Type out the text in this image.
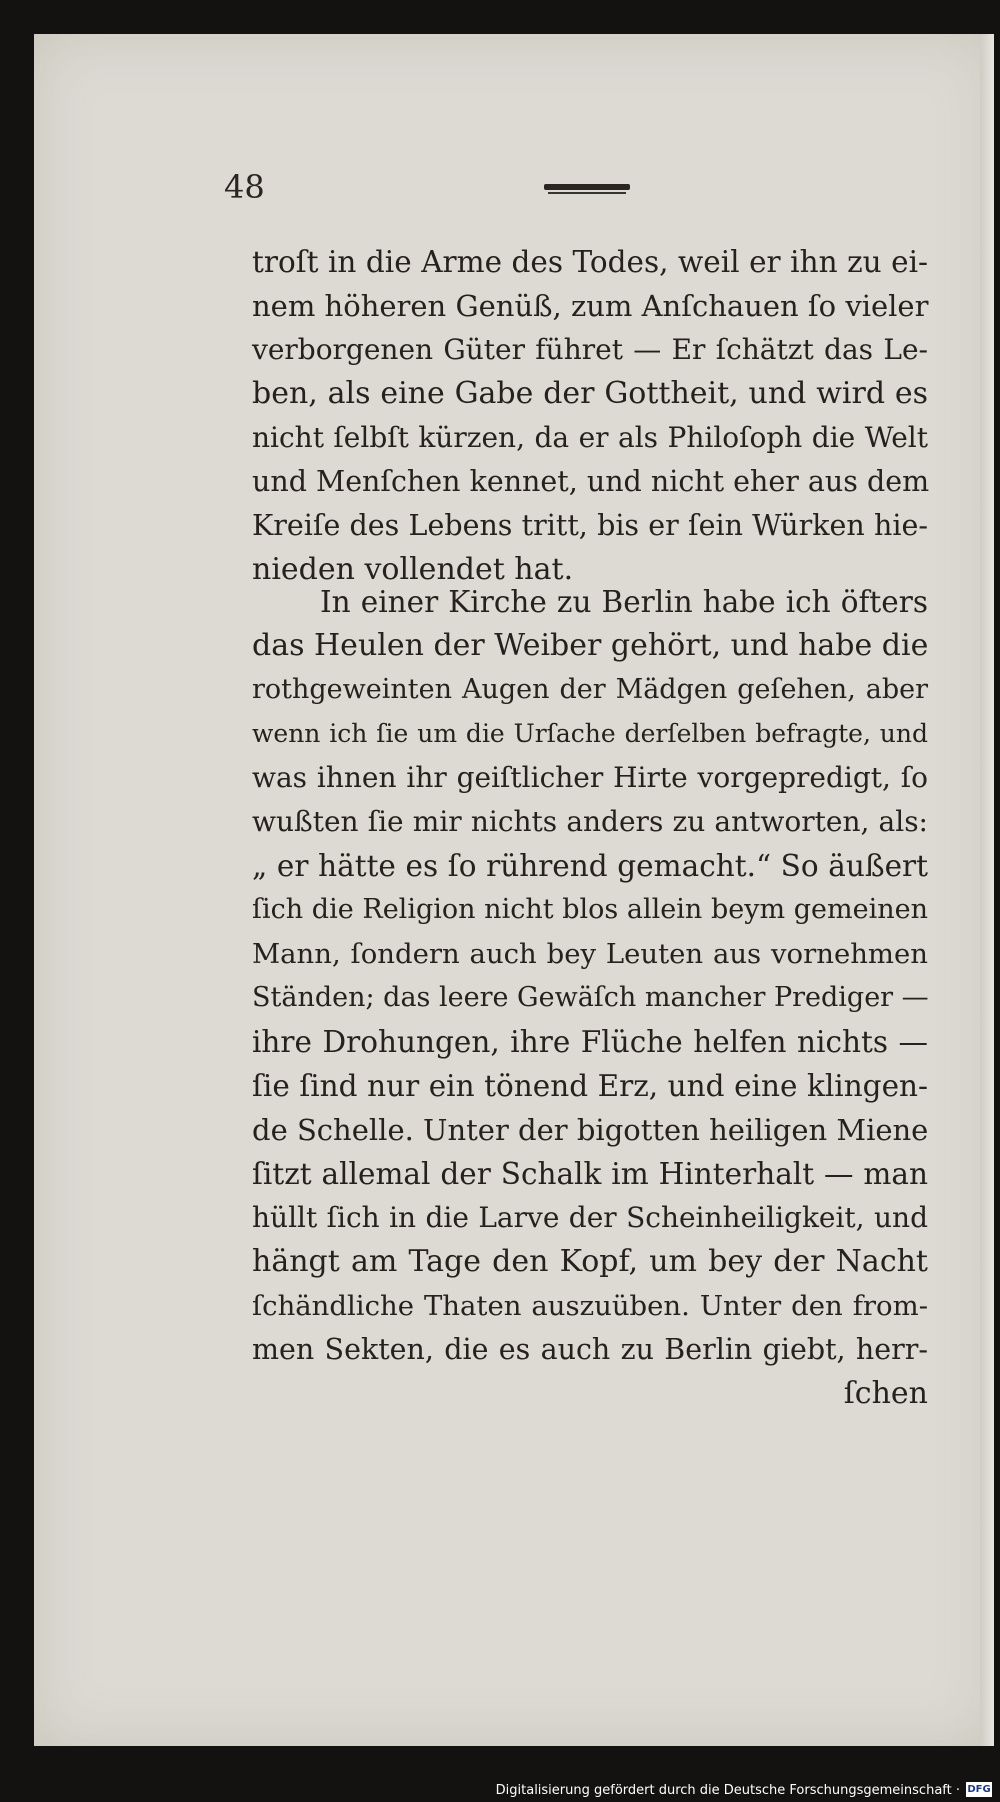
48
troſt in die Arme des Todes, weil er ihn zu ei-
nem höheren Genüß, zum Anſchauen ſo vieler
verborgenen Güter führet — Er ſchätzt das Le-
ben, als eine Gabe der Gottheit, und wird es
nicht ſelbſt kürzen, da er als Philoſoph die Welt
und Menſchen kennet, und nicht eher aus dem
Kreiſe des Lebens tritt, bis er ſein Würken hie-
nieden vollendet hat.
In einer Kirche zu Berlin habe ich öfters
das Heulen der Weiber gehört, und habe die
rothgeweinten Augen der Mädgen geſehen, aber
wenn ich ſie um die Urſache derſelben befragte, und
was ihnen ihr geiſtlicher Hirte vorgepredigt, ſo
wußten ſie mir nichts anders zu antworten, als:
„ er hätte es ſo rührend gemacht.“ So äußert
ſich die Religion nicht blos allein beym gemeinen
Mann, ſondern auch bey Leuten aus vornehmen
Ständen; das leere Gewäſch mancher Prediger —
ihre Drohungen, ihre Flüche helfen nichts —
ſie ſind nur ein tönend Erz, und eine klingen-
de Schelle. Unter der bigotten heiligen Miene
ſitzt allemal der Schalk im Hinterhalt — man
hüllt ſich in die Larve der Scheinheiligkeit, und
hängt am Tage den Kopf, um bey der Nacht
ſchändliche Thaten auszuüben. Unter den from-
men Sekten, die es auch zu Berlin giebt, herr-
ſchen
Digitalisierung gefördert durch die Deutsche Forschungsgemeinschaft · DFG
